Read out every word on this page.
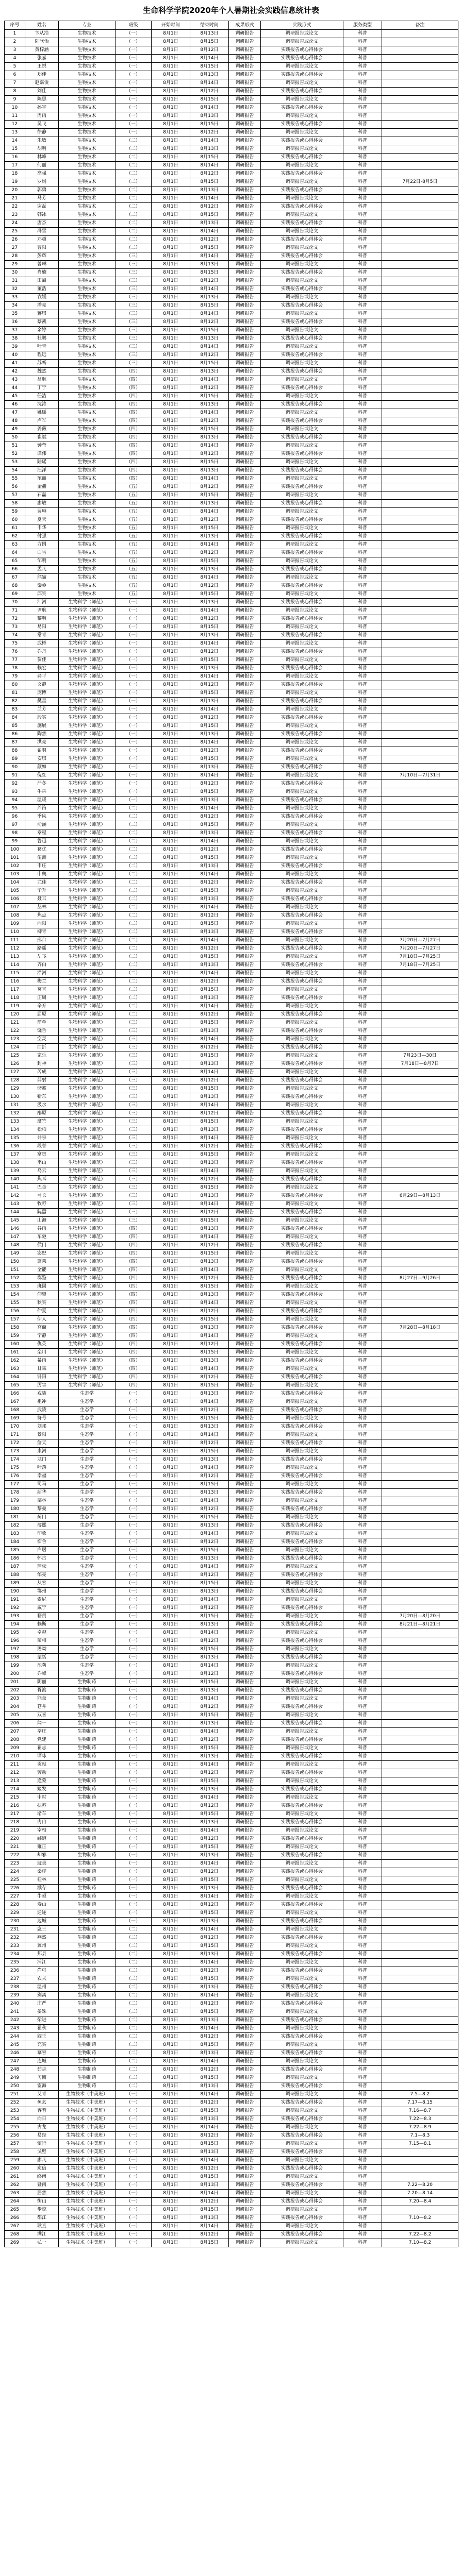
生命科学学院2020年个人暑期社会实践信息统计表
序号	姓名	专业	班级	开始时间	结束时间	成果形式	实践形式	服务类型	备注
1	卞从浩	生物技术	（一）	8月1日	8月13日	调研报告	调研报告或论文	科普	
2	陆欣怡	生物技术	（一）	8月1日	8月15日	调研报告	调研报告或论文	科普	
3	黄梓涵	生物技术	（一）	8月1日	8月12日	调研报告	实践报告或心得体会	科普	
4	张嘉	生物技术	（一）	8月1日	8月14日	调研报告	实践报告或心得体会	科普	
5	王悦	生物技术	（一）	8月1日	8月15日	调研报告	调研报告或论文	科普	
6	郑佳	生物技术	（一）	8月1日	8月13日	调研报告	实践报告或心得体会	科普	
7	赵嘉俊	生物技术	（一）	8月1日	8月14日	调研报告	调研报告或论文	科普	
8	刘佳	生物技术	（一）	8月1日	8月12日	调研报告	实践报告或心得体会	科普	
9	陈思	生物技术	（一）	8月1日	8月15日	调研报告	调研报告或论文	科普	
10	孙宇	生物技术	（一）	8月1日	8月14日	调研报告	实践报告或心得体会	科普	
11	周雨	生物技术	（一）	8月1日	8月13日	调研报告	调研报告或论文	科普	
12	吴飞	生物技术	（一）	8月1日	8月15日	调研报告	实践报告或心得体会	科普	
13	徐静	生物技术	（一）	8月1日	8月12日	调研报告	调研报告或论文	科普	
14	朱敏	生物技术	（二）	8月1日	8月14日	调研报告	实践报告或心得体会	科普	
15	胡明	生物技术	（二）	8月1日	8月13日	调研报告	调研报告或论文	科普	
16	林峰	生物技术	（二）	8月1日	8月15日	调研报告	实践报告或心得体会	科普	
17	何丽	生物技术	（二）	8月1日	8月14日	调研报告	调研报告或论文	科普	
18	高强	生物技术	（二）	8月1日	8月12日	调研报告	实践报告或心得体会	科普	
19	罗娟	生物技术	（二）	8月1日	8月15日	调研报告	调研报告或论文	科普	7月22日-8月5日
20	郭勇	生物技术	（二）	8月1日	8月13日	调研报告	实践报告或心得体会	科普	
21	马芳	生物技术	（二）	8月1日	8月14日	调研报告	调研报告或论文	科普	
22	谢磊	生物技术	（二）	8月1日	8月12日	调研报告	实践报告或心得体会	科普	
23	韩冰	生物技术	（二）	8月1日	8月15日	调研报告	调研报告或论文	科普	
24	唐杰	生物技术	（二）	8月1日	8月13日	调研报告	实践报告或心得体会	科普	
25	冯雪	生物技术	（二）	8月1日	8月14日	调研报告	调研报告或论文	科普	
26	邓超	生物技术	（二）	8月1日	8月12日	调研报告	实践报告或心得体会	科普	
27	曹阳	生物技术	（二）	8月1日	8月15日	调研报告	调研报告或论文	科普	
28	彭辉	生物技术	（三）	8月1日	8月14日	调研报告	实践报告或心得体会	科普	
29	曾琳	生物技术	（三）	8月1日	8月13日	调研报告	调研报告或论文	科普	
30	肖楠	生物技术	（三）	8月1日	8月15日	调研报告	实践报告或心得体会	科普	
31	田甜	生物技术	（三）	8月1日	8月12日	调研报告	调研报告或论文	科普	
32	董浩	生物技术	（三）	8月1日	8月14日	调研报告	实践报告或心得体会	科普	
33	袁媛	生物技术	（三）	8月1日	8月13日	调研报告	调研报告或论文	科普	
34	潘亮	生物技术	（三）	8月1日	8月15日	调研报告	实践报告或心得体会	科普	
35	蒋琪	生物技术	（三）	8月1日	8月14日	调研报告	调研报告或论文	科普	
36	蔡凯	生物技术	（三）	8月1日	8月12日	调研报告	实践报告或心得体会	科普	
37	余婷	生物技术	（三）	8月1日	8月15日	调研报告	调研报告或论文	科普	
38	杜鹏	生物技术	（三）	8月1日	8月13日	调研报告	实践报告或心得体会	科普	
39	叶青	生物技术	（三）	8月1日	8月14日	调研报告	调研报告或论文	科普	
40	程远	生物技术	（三）	8月1日	8月12日	调研报告	实践报告或心得体会	科普	
41	苏畅	生物技术	（三）	8月1日	8月15日	调研报告	调研报告或论文	科普	
42	魏然	生物技术	（四）	8月1日	8月13日	调研报告	实践报告或心得体会	科普	
43	吕航	生物技术	（四）	8月1日	8月14日	调研报告	调研报告或论文	科普	
44	丁宁	生物技术	（四）	8月1日	8月12日	调研报告	实践报告或心得体会	科普	
45	任洁	生物技术	（四）	8月1日	8月15日	调研报告	调研报告或论文	科普	
46	沈涛	生物技术	（四）	8月1日	8月13日	调研报告	实践报告或心得体会	科普	
47	姚瑶	生物技术	（四）	8月1日	8月14日	调研报告	调研报告或论文	科普	
48	卢军	生物技术	（四）	8月1日	8月12日	调研报告	实践报告或心得体会	科普	
49	姜薇	生物技术	（四）	8月1日	8月15日	调研报告	调研报告或论文	科普	
50	崔斌	生物技术	（四）	8月1日	8月13日	调研报告	实践报告或心得体会	科普	
51	钟莹	生物技术	（四）	8月1日	8月14日	调研报告	调研报告或论文	科普	
52	谭伟	生物技术	（四）	8月1日	8月12日	调研报告	实践报告或心得体会	科普	
53	陆瑶	生物技术	（四）	8月1日	8月15日	调研报告	调研报告或论文	科普	
54	汪洋	生物技术	（四）	8月1日	8月13日	调研报告	实践报告或心得体会	科普	
55	范丽	生物技术	（四）	8月1日	8月14日	调研报告	调研报告或论文	科普	
56	金鑫	生物技术	（五）	8月1日	8月12日	调研报告	实践报告或心得体会	科普	
57	石磊	生物技术	（五）	8月1日	8月15日	调研报告	调研报告或论文	科普	
58	廖敏	生物技术	（五）	8月1日	8月13日	调研报告	实践报告或心得体会	科普	
59	贾琳	生物技术	（五）	8月1日	8月14日	调研报告	调研报告或论文	科普	
60	夏天	生物技术	（五）	8月1日	8月12日	调研报告	实践报告或心得体会	科普	
61	韦华	生物技术	（五）	8月1日	8月15日	调研报告	调研报告或论文	科普	
62	付强	生物技术	（五）	8月1日	8月13日	调研报告	实践报告或心得体会	科普	
63	方圆	生物技术	（五）	8月1日	8月14日	调研报告	调研报告或论文	科普	
64	白雪	生物技术	（五）	8月1日	8月12日	调研报告	实践报告或心得体会	科普	
65	邹明	生物技术	（五）	8月1日	8月15日	调研报告	调研报告或论文	科普	
66	孟凡	生物技术	（五）	8月1日	8月13日	调研报告	实践报告或心得体会	科普	
67	熊猫	生物技术	（五）	8月1日	8月14日	调研报告	调研报告或论文	科普	
68	秦岭	生物技术	（五）	8月1日	8月12日	调研报告	实践报告或心得体会	科普	
69	邱实	生物技术	（五）	8月1日	8月15日	调研报告	调研报告或论文	科普	
70	江河	生物科学（师范）	（一）	8月1日	8月13日	调研报告	实践报告或心得体会	科普	
71	尹航	生物科学（师范）	（一）	8月1日	8月14日	调研报告	调研报告或论文	科普	
72	黎明	生物科学（师范）	（一）	8月1日	8月12日	调研报告	实践报告或心得体会	科普	
73	易阳	生物科学（师范）	（一）	8月1日	8月15日	调研报告	调研报告或论文	科普	
74	常青	生物科学（师范）	（一）	8月1日	8月13日	调研报告	实践报告或心得体会	科普	
75	武彬	生物科学（师范）	（一）	8月1日	8月14日	调研报告	调研报告或论文	科普	
76	乔丹	生物科学（师范）	（一）	8月1日	8月12日	调研报告	实践报告或心得体会	科普	
77	贺佳	生物科学（师范）	（一）	8月1日	8月15日	调研报告	调研报告或论文	科普	
78	赖宏	生物科学（师范）	（一）	8月1日	8月13日	调研报告	实践报告或心得体会	科普	
79	龚平	生物科学（师范）	（一）	8月1日	8月14日	调研报告	调研报告或论文	科普	
80	文静	生物科学（师范）	（一）	8月1日	8月12日	调研报告	实践报告或心得体会	科普	
81	庞博	生物科学（师范）	（一）	8月1日	8月15日	调研报告	调研报告或论文	科普	
82	樊星	生物科学（师范）	（一）	8月1日	8月13日	调研报告	实践报告或心得体会	科普	
83	兰芳	生物科学（师范）	（一）	8月1日	8月14日	调研报告	调研报告或论文	科普	
84	殷实	生物科学（师范）	（一）	8月1日	8月12日	调研报告	实践报告或心得体会	科普	
85	施展	生物科学（师范）	（一）	8月1日	8月15日	调研报告	调研报告或论文	科普	
86	陶然	生物科学（师范）	（一）	8月1日	8月13日	调研报告	实践报告或心得体会	科普	
87	洪亮	生物科学（师范）	（一）	8月1日	8月14日	调研报告	调研报告或论文	科普	
88	翟羽	生物科学（师范）	（一）	8月1日	8月12日	调研报告	实践报告或心得体会	科普	
89	安琪	生物科学（师范）	（一）	8月1日	8月15日	调研报告	调研报告或论文	科普	
90	颜如	生物科学（师范）	（一）	8月1日	8月13日	调研报告	实践报告或心得体会	科普	
91	倪红	生物科学（师范）	（一）	8月1日	8月14日	调研报告	调研报告或论文	科普	7月10日—7月31日
92	严冬	生物科学（师范）	（一）	8月1日	8月12日	调研报告	实践报告或心得体会	科普	
93	牛犇	生物科学（师范）	（一）	8月1日	8月15日	调研报告	调研报告或论文	科普	
94	温暖	生物科学（师范）	（一）	8月1日	8月13日	调研报告	实践报告或心得体会	科普	
95	芦笛	生物科学（师范）	（二）	8月1日	8月14日	调研报告	调研报告或论文	科普	
96	季风	生物科学（师范）	（二）	8月1日	8月12日	调研报告	实践报告或心得体会	科普	
97	俞涵	生物科学（师范）	（二）	8月1日	8月15日	调研报告	调研报告或论文	科普	
98	章程	生物科学（师范）	（二）	8月1日	8月13日	调研报告	实践报告或心得体会	科普	
99	鲁迅	生物科学（师范）	（二）	8月1日	8月14日	调研报告	调研报告或论文	科普	
100	葛优	生物科学（师范）	（二）	8月1日	8月12日	调研报告	实践报告或心得体会	科普	
101	伍洲	生物科学（师范）	（二）	8月1日	8月15日	调研报告	调研报告或论文	科普	
102	韦庄	生物科学（师范）	（二）	8月1日	8月13日	调研报告	实践报告或心得体会	科普	
103	申奥	生物科学（师范）	（二）	8月1日	8月14日	调研报告	调研报告或论文	科普	
104	尤佳	生物科学（师范）	（二）	8月1日	8月12日	调研报告	实践报告或心得体会	科普	
105	毕升	生物科学（师范）	（二）	8月1日	8月15日	调研报告	调研报告或论文	科普	
106	聂耳	生物科学（师范）	（二）	8月1日	8月13日	调研报告	实践报告或心得体会	科普	
107	丛林	生物科学（师范）	（二）	8月1日	8月14日	调研报告	调研报告或论文	科普	
108	焦点	生物科学（师范）	（二）	8月1日	8月12日	调研报告	实践报告或心得体会	科普	
109	向阳	生物科学（师范）	（二）	8月1日	8月15日	调研报告	调研报告或论文	科普	
110	柳青	生物科学（师范）	（二）	8月1日	8月13日	调研报告	实践报告或心得体会	科普	
111	邢台	生物科学（师范）	（二）	8月1日	8月14日	调研报告	调研报告或论文	科普	7月20日—7月27日
112	路遥	生物科学（师范）	（二）	8月1日	8月12日	调研报告	实践报告或心得体会	科普	7月20日—7月27日
113	岳飞	生物科学（师范）	（二）	8月1日	8月15日	调研报告	调研报告或论文	科普	7月18日—7月25日
114	齐白	生物科学（师范）	（二）	8月1日	8月13日	调研报告	实践报告或心得体会	科普	7月18日—7月25日
115	沿河	生物科学（师范）	（二）	8月1日	8月14日	调研报告	调研报告或论文	科普	
116	梅兰	生物科学（师范）	（二）	8月1日	8月12日	调研报告	实践报告或心得体会	科普	
117	莫言	生物科学（师范）	（二）	8月1日	8月15日	调研报告	调研报告或论文	科普	
118	庄周	生物科学（师范）	（二）	8月1日	8月13日	调研报告	实践报告或心得体会	科普	
119	辛弃	生物科学（师范）	（二）	8月1日	8月14日	调研报告	调研报告或论文	科普	
120	屈原	生物科学（师范）	（二）	8月1日	8月12日	调研报告	实践报告或心得体会	科普	
121	简单	生物科学（师范）	（三）	8月1日	8月15日	调研报告	调研报告或论文	科普	
122	饶舌	生物科学（师范）	（三）	8月1日	8月13日	调研报告	实践报告或心得体会	科普	
123	空灵	生物科学（师范）	（三）	8月1日	8月14日	调研报告	调研报告或论文	科普	
124	曲折	生物科学（师范）	（三）	8月1日	8月12日	调研报告	实践报告或心得体会	科普	
125	家乐	生物科学（师范）	（三）	8月1日	8月15日	调研报告	调研报告或论文	科普	7月23日—30日
126	封神	生物科学（师范）	（三）	8月1日	8月13日	调研报告	实践报告或心得体会	科普	7月18日—8月7日
127	芮成	生物科学（师范）	（三）	8月1日	8月14日	调研报告	调研报告或论文	科普	
128	羿射	生物科学（师范）	（三）	8月1日	8月12日	调研报告	实践报告或心得体会	科普	
129	储蓄	生物科学（师范）	（三）	8月1日	8月15日	调研报告	调研报告或论文	科普	
130	靳东	生物科学（师范）	（三）	8月1日	8月13日	调研报告	实践报告或心得体会	科普	
131	汲水	生物科学（师范）	（三）	8月1日	8月14日	调研报告	调研报告或论文	科普	
132	邴原	生物科学（师范）	（三）	8月1日	8月12日	调研报告	实践报告或心得体会	科普	
133	糜竺	生物科学（师范）	（三）	8月1日	8月15日	调研报告	调研报告或论文	科普	
134	松柏	生物科学（师范）	（三）	8月1日	8月13日	调研报告	实践报告或心得体会	科普	
135	井泉	生物科学（师范）	（三）	8月1日	8月14日	调研报告	调研报告或论文	科普	
136	段誉	生物科学（师范）	（三）	8月1日	8月12日	调研报告	实践报告或心得体会	科普	
137	富贵	生物科学（师范）	（三）	8月1日	8月15日	调研报告	调研报告或论文	科普	
138	巫山	生物科学（师范）	（三）	8月1日	8月13日	调研报告	实践报告或心得体会	科普	
139	乌云	生物科学（师范）	（三）	8月1日	8月14日	调研报告	调研报告或论文	科普	
140	焦耳	生物科学（师范）	（三）	8月1日	8月12日	调研报告	实践报告或心得体会	科普	
141	巴金	生物科学（师范）	（三）	8月1日	8月15日	调研报告	调研报告或论文	科普	
142	弓长	生物科学（师范）	（三）	8月1日	8月13日	调研报告	实践报告或心得体会	科普	6月29日—8月13日
143	牧野	生物科学（师范）	（三）	8月1日	8月14日	调研报告	调研报告或论文	科普	
144	隗嚣	生物科学（师范）	（三）	8月1日	8月12日	调研报告	实践报告或心得体会	科普	
145	山海	生物科学（师范）	（三）	8月1日	8月15日	调研报告	调研报告或论文	科普	
146	谷雨	生物科学（师范）	（四）	8月1日	8月13日	调研报告	实践报告或心得体会	科普	
147	车驰	生物科学（师范）	（四）	8月1日	8月14日	调研报告	调研报告或论文	科普	
148	侯门	生物科学（师范）	（四）	8月1日	8月12日	调研报告	实践报告或心得体会	科普	
149	宓妃	生物科学（师范）	（四）	8月1日	8月15日	调研报告	调研报告或论文	科普	
150	蓬莱	生物科学（师范）	（四）	8月1日	8月13日	调研报告	实践报告或心得体会	科普	
151	全能	生物科学（师范）	（四）	8月1日	8月14日	调研报告	调研报告或论文	科普	
152	郗鉴	生物科学（师范）	（四）	8月1日	8月12日	调研报告	实践报告或心得体会	科普	8月27日—9月26日
153	班固	生物科学（师范）	（四）	8月1日	8月15日	调研报告	调研报告或论文	科普	
154	仰望	生物科学（师范）	（四）	8月1日	8月13日	调研报告	实践报告或心得体会	科普	
155	秋实	生物科学（师范）	（四）	8月1日	8月14日	调研报告	调研报告或论文	科普	
156	仲夏	生物科学（师范）	（四）	8月1日	8月12日	调研报告	实践报告或心得体会	科普	
157	伊人	生物科学（师范）	（四）	8月1日	8月15日	调研报告	调研报告或论文	科普	
158	宫商	生物科学（师范）	（四）	8月1日	8月13日	调研报告	实践报告或心得体会	科普	7月28日—8月18日
159	宁静	生物科学（师范）	（四）	8月1日	8月14日	调研报告	调研报告或论文	科普	
160	仇英	生物科学（师范）	（四）	8月1日	8月12日	调研报告	实践报告或心得体会	科普	
161	栾川	生物科学（师范）	（四）	8月1日	8月15日	调研报告	调研报告或论文	科普	
162	暴雨	生物科学（师范）	（四）	8月1日	8月13日	调研报告	实践报告或心得体会	科普	
163	甘霖	生物科学（师范）	（四）	8月1日	8月14日	调研报告	调研报告或论文	科普	
164	钭阳	生物科学（师范）	（四）	8月1日	8月12日	调研报告	实践报告或心得体会	科普	
165	厉害	生物科学（师范）	（四）	8月1日	8月15日	调研报告	调研报告或论文	科普	
166	戎装	生态学	（一）	8月1日	8月13日	调研报告	实践报告或心得体会	科普	
167	祖冲	生态学	（一）	8月1日	8月14日	调研报告	调研报告或论文	科普	
168	武陵	生态学	（一）	8月1日	8月12日	调研报告	实践报告或心得体会	科普	
169	符号	生态学	（一）	8月1日	8月15日	调研报告	调研报告或论文	科普	
170	刘邦	生态学	（一）	8月1日	8月13日	调研报告	实践报告或心得体会	科普	
171	景阳	生态学	（一）	8月1日	8月14日	调研报告	调研报告或论文	科普	
172	詹天	生态学	（一）	8月1日	8月12日	调研报告	实践报告或心得体会	科普	
173	束河	生态学	（一）	8月1日	8月15日	调研报告	调研报告或论文	科普	
174	龙门	生态学	（一）	8月1日	8月13日	调研报告	实践报告或心得体会	科普	
175	叶落	生态学	（一）	8月1日	8月14日	调研报告	调研报告或论文	科普	
176	幸福	生态学	（一）	8月1日	8月12日	调研报告	实践报告或心得体会	科普	
177	司马	生态学	（一）	8月1日	8月15日	调研报告	调研报告或论文	科普	
178	韶华	生态学	（一）	8月1日	8月13日	调研报告	实践报告或心得体会	科普	
179	郜林	生态学	（一）	8月1日	8月14日	调研报告	调研报告或论文	科普	
180	黎曼	生态学	（一）	8月1日	8月12日	调研报告	实践报告或心得体会	科普	
181	蓟门	生态学	（一）	8月1日	8月15日	调研报告	调研报告或论文	科普	
182	薄熙	生态学	（一）	8月1日	8月13日	调研报告	实践报告或心得体会	科普	
183	印象	生态学	（一）	8月1日	8月14日	调研报告	调研报告或论文	科普	
184	宿舍	生态学	（一）	8月1日	8月12日	调研报告	实践报告或心得体会	科普	
185	白居	生态学	（一）	8月1日	8月15日	调研报告	调研报告或论文	科普	
186	怀古	生态学	（一）	8月1日	8月13日	调研报告	实践报告或心得体会	科普	
187	蒲松	生态学	（一）	8月1日	8月14日	调研报告	调研报告或论文	科普	
188	邰亮	生态学	（一）	8月1日	8月12日	调研报告	实践报告或心得体会	科普	
189	从容	生态学	（一）	8月1日	8月15日	调研报告	调研报告或论文	科普	
190	鄂州	生态学	（一）	8月1日	8月13日	调研报告	实践报告或心得体会	科普	
191	索尼	生态学	（一）	8月1日	8月14日	调研报告	调研报告或论文	科普	
192	咸宁	生态学	（一）	8月1日	8月12日	调研报告	实践报告或心得体会	科普	
193	籍贯	生态学	（一）	8月1日	8月15日	调研报告	调研报告或论文	科普	7月20日—8月20日
194	赖斯	生态学	（一）	8月1日	8月13日	调研报告	实践报告或心得体会	科普	8月21日—8月21日
195	卓越	生态学	（一）	8月1日	8月14日	调研报告	调研报告或论文	科普	
196	蔺相	生态学	（一）	8月1日	8月12日	调研报告	实践报告或心得体会	科普	
197	屠呦	生态学	（一）	8月1日	8月15日	调研报告	调研报告或论文	科普	
198	蒙恬	生态学	（一）	8月1日	8月13日	调研报告	实践报告或心得体会	科普	
199	池莉	生态学	（一）	8月1日	8月14日	调研报告	调研报告或论文	科普	
200	乔峰	生态学	（一）	8月1日	8月12日	调研报告	实践报告或心得体会	科普	
201	阴丽	生物制药	（一）	8月1日	8月15日	调研报告	调研报告或论文	科普	
202	胥渡	生物制药	（一）	8月1日	8月13日	调研报告	实践报告或心得体会	科普	
203	能量	生物制药	（一）	8月1日	8月14日	调研报告	调研报告或论文	科普	
204	苍井	生物制药	（一）	8月1日	8月12日	调研报告	实践报告或心得体会	科普	
205	双喜	生物制药	（一）	8月1日	8月15日	调研报告	调研报告或论文	科普	
206	闻一	生物制药	（一）	8月1日	8月13日	调研报告	实践报告或心得体会	科普	
207	莘庄	生物制药	（一）	8月1日	8月14日	调研报告	调研报告或论文	科普	
208	党建	生物制药	（一）	8月1日	8月12日	调研报告	实践报告或心得体会	科普	
209	翟志	生物制药	（一）	8月1日	8月15日	调研报告	调研报告或论文	科普	
210	谭咏	生物制药	（一）	8月1日	8月13日	调研报告	实践报告或心得体会	科普	
211	贡献	生物制药	（一）	8月1日	8月14日	调研报告	调研报告或论文	科普	
212	劳动	生物制药	（一）	8月1日	8月12日	调研报告	实践报告或心得体会	科普	
213	逄蒙	生物制药	（一）	8月1日	8月15日	调研报告	调研报告或论文	科普	
214	姬发	生物制药	（一）	8月1日	8月13日	调研报告	实践报告或心得体会	科普	
215	申时	生物制药	（一）	8月1日	8月14日	调研报告	调研报告或论文	科普	
216	扶苏	生物制药	（一）	8月1日	8月12日	调研报告	实践报告或心得体会	科普	
217	堵车	生物制药	（一）	8月1日	8月15日	调研报告	调研报告或论文	科普	
218	冉冉	生物制药	（一）	8月1日	8月13日	调研报告	实践报告或心得体会	科普	
219	宰相	生物制药	（一）	8月1日	8月14日	调研报告	调研报告或论文	科普	
220	郦道	生物制药	（一）	8月1日	8月12日	调研报告	实践报告或心得体会	科普	
221	雍正	生物制药	（一）	8月1日	8月15日	调研报告	调研报告或论文	科普	
222	却邪	生物制药	（一）	8月1日	8月13日	调研报告	实践报告或心得体会	科普	
223	璩美	生物制药	（一）	8月1日	8月14日	调研报告	调研报告或论文	科普	
224	桑梓	生物制药	（一）	8月1日	8月12日	调研报告	实践报告或心得体会	科普	
225	桂林	生物制药	（一）	8月1日	8月15日	调研报告	调研报告或论文	科普	
226	濮存	生物制药	（一）	8月1日	8月13日	调研报告	实践报告或心得体会	科普	
227	牛顿	生物制药	（一）	8月1日	8月14日	调研报告	调研报告或论文	科普	
228	寿山	生物制药	（一）	8月1日	8月12日	调研报告	实践报告或心得体会	科普	
229	通途	生物制药	（一）	8月1日	8月15日	调研报告	调研报告或论文	科普	
230	边城	生物制药	（一）	8月1日	8月13日	调研报告	实践报告或心得体会	科普	
231	扈三	生物制药	（二）	8月1日	8月14日	调研报告	调研报告或论文	科普	
232	燕然	生物制药	（二）	8月1日	8月12日	调研报告	实践报告或心得体会	科普	
233	冀州	生物制药	（二）	8月1日	8月15日	调研报告	调研报告或论文	科普	
234	郏县	生物制药	（二）	8月1日	8月13日	调研报告	实践报告或心得体会	科普	
235	浦江	生物制药	（二）	8月1日	8月14日	调研报告	调研报告或论文	科普	
236	尚可	生物制药	（二）	8月1日	8月12日	调研报告	实践报告或心得体会	科普	
237	农夫	生物制药	（二）	8月1日	8月15日	调研报告	调研报告或论文	科普	
238	温州	生物制药	（二）	8月1日	8月13日	调研报告	实践报告或心得体会	科普	
239	别离	生物制药	（二）	8月1日	8月14日	调研报告	调研报告或论文	科普	
240	庄严	生物制药	（二）	8月1日	8月12日	调研报告	实践报告或心得体会	科普	
241	晏殊	生物制药	（二）	8月1日	8月15日	调研报告	调研报告或论文	科普	
242	柴进	生物制药	（二）	8月1日	8月13日	调研报告	实践报告或心得体会	科普	
243	瞿秋	生物制药	（二）	8月1日	8月14日	调研报告	调研报告或论文	科普	
244	阎王	生物制药	（二）	8月1日	8月12日	调研报告	实践报告或心得体会	科普	
245	充实	生物制药	（二）	8月1日	8月15日	调研报告	调研报告或论文	科普	
246	慕容	生物制药	（二）	8月1日	8月13日	调研报告	实践报告或心得体会	科普	
247	连城	生物制药	（二）	8月1日	8月14日	调研报告	调研报告或论文	科普	
248	茹志	生物制药	（二）	8月1日	8月12日	调研报告	实践报告或心得体会	科普	
249	习惯	生物制药	（二）	8月1日	8月15日	调研报告	调研报告或论文	科普	
250	宦海	生物制药	（二）	8月1日	8月13日	调研报告	实践报告或心得体会	科普	
251	艾青	生物技术（中美班）	（一）	8月1日	8月14日	调研报告	调研报告或论文	科普	7.5—8.2
252	鱼玄	生物技术（中美班）	（一）	8月1日	8月12日	调研报告	实践报告或心得体会	科普	7.17—8.15
253	容若	生物技术（中美班）	（一）	8月1日	8月15日	调研报告	调研报告或论文	科普	7.16—8.7
254	向日	生物技术（中美班）	（一）	8月1日	8月13日	调研报告	实践报告或心得体会	科普	7.22—8.3
255	古龙	生物技术（中美班）	（一）	8月1日	8月14日	调研报告	调研报告或论文	科普	7.22—8.9
256	易经	生物技术（中美班）	（一）	8月1日	8月12日	调研报告	实践报告或心得体会	科普	7.1—8.3
257	慎行	生物技术（中美班）	（一）	8月1日	8月15日	调研报告	调研报告或论文	科普	7.15—8.1
258	戈壁	生物技术（中美班）	（一）	8月1日	8月13日	调研报告	实践报告或心得体会	科普	
259	廖凡	生物技术（中美班）	（一）	8月1日	8月14日	调研报告	调研报告或论文	科普	
260	庾信	生物技术（中美班）	（一）	8月1日	8月12日	调研报告	实践报告或心得体会	科普	
261	终南	生物技术（中美班）	（一）	8月1日	8月15日	调研报告	调研报告或论文	科普	
262	暨南	生物技术（中美班）	（一）	8月1日	8月13日	调研报告	实践报告或心得体会	科普	7.22—8.20
263	居然	生物技术（中美班）	（一）	8月1日	8月14日	调研报告	调研报告或论文	科普	7.20—8.14
264	衡山	生物技术（中美班）	（一）	8月1日	8月12日	调研报告	实践报告或心得体会	科普	7.20—8.4
265	步惊	生物技术（中美班）	（一）	8月1日	8月15日	调研报告	调研报告或论文	科普	
266	都江	生物技术（中美班）	（一）	8月1日	8月13日	调研报告	实践报告或心得体会	科普	7.10—8.2
267	耿直	生物技术（中美班）	（一）	8月1日	8月14日	调研报告	调研报告或论文	科普	
268	满江	生物技术（中美班）	（一）	8月1日	8月12日	调研报告	实践报告或心得体会	科普	7.22—8.2
269	弘一	生物技术（中美班）	（一）	8月1日	8月15日	调研报告	调研报告或论文	科普	7.10—8.2
